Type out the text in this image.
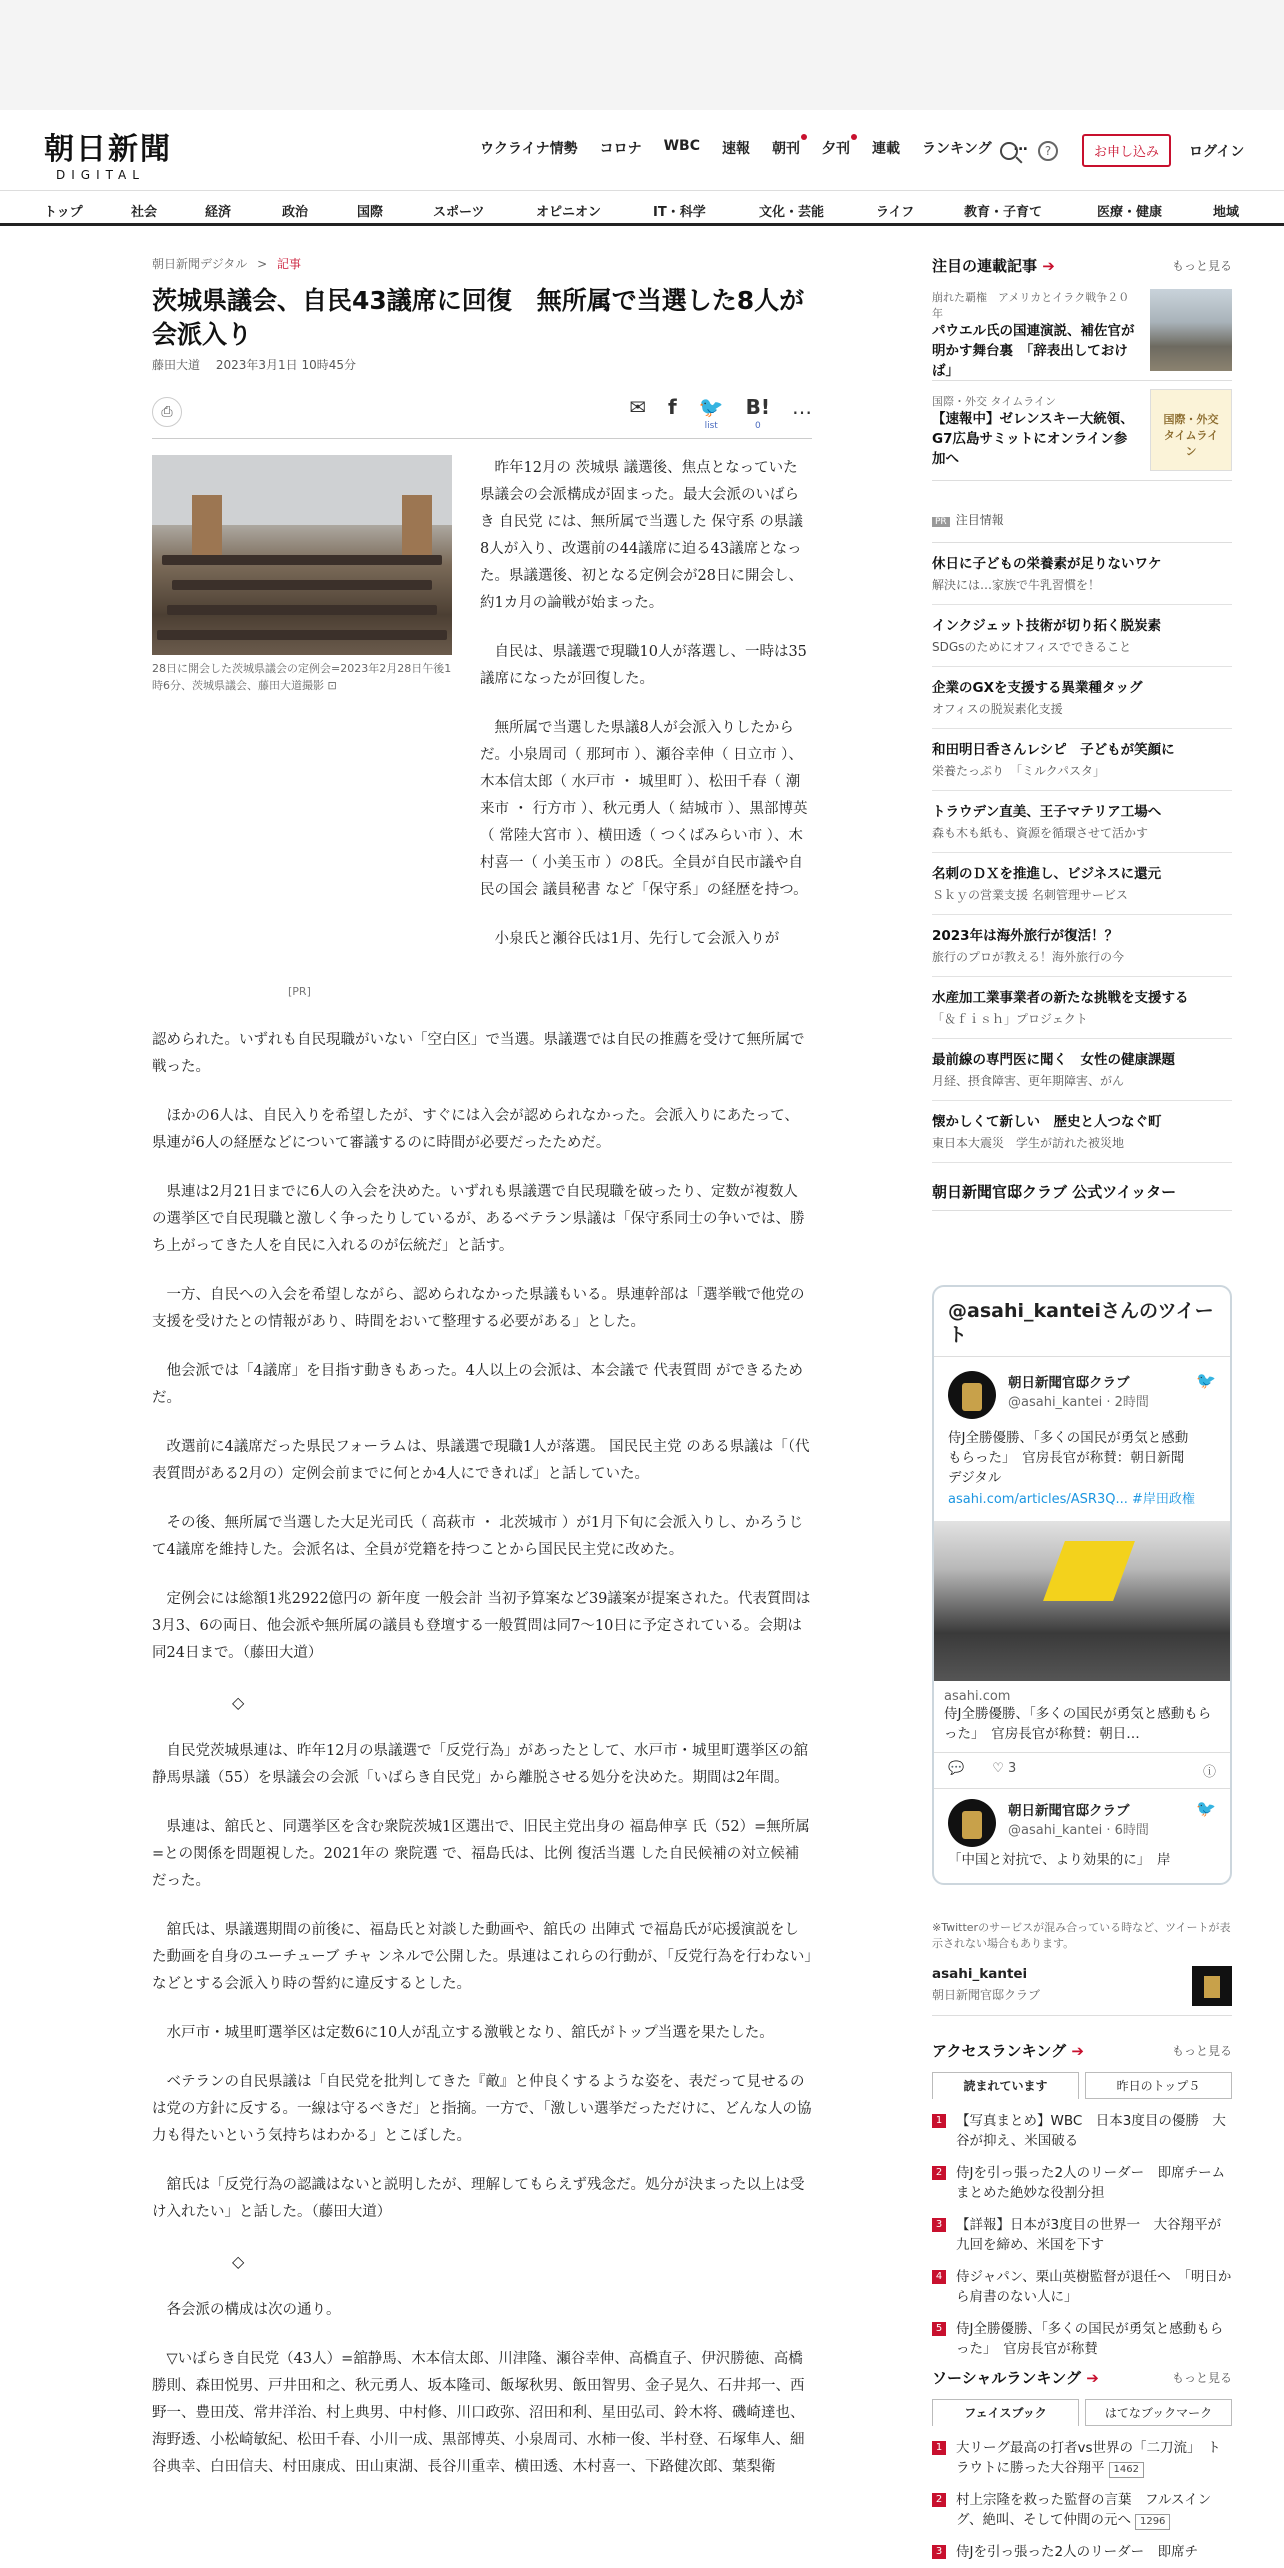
朝日新聞
DIGITAL
ウクライナ情勢 コロナ WBC 速報 朝刊 夕刊 連載 ランキング …	?	お申し込み	ログイン
トップ	社会	経済	政治	国際	スポーツ	オピニオン	IT・科学	文化・芸能	ライフ	教育・子育て	医療・健康	地域
朝日新聞デジタル > 記事
茨城県議会、自民43議席に回復　無所属で当選した8人が会派入り
藤田大道 2023年3月1日 10時45分
⎙	✉ f 🐦
list
B!
0
…
28日に開会した茨城県議会の定例会=2023年2月28日午後1時6分、茨城県議会、藤田大道撮影 ⊡
[PR]

昨年12月の 茨城県 議選後、焦点となっていた県議会の会派構成が固まった。最大会派のいばらき 自民党 には、無所属で当選した 保守系 の県議8人が入り、改選前の44議席に迫る43議席となった。県議選後、初となる定例会が28日に開会し、約1カ月の論戦が始まった。

自民は、県議選で現職10人が落選し、一時は35議席になったが回復した。

無所属で当選した県議8人が会派入りしたからだ。小泉周司（ 那珂市 ）、瀬谷幸伸（ 日立市 ）、木本信太郎（ 水戸市 ・ 城里町 ）、松田千春（ 潮来市 ・ 行方市 ）、秋元勇人（ 結城市 ）、黒部博英（ 常陸大宮市 ）、横田透（ つくばみらい市 ）、木村喜一（ 小美玉市 ）の8氏。全員が自民市議や自民の国会 議員秘書 など「保守系」の経歴を持つ。

小泉氏と瀬谷氏は1月、先行して会派入りが

認められた。いずれも自民現職がいない「空白区」で当選。県議選では自民の推薦を受けて無所属で戦った。

ほかの6人は、自民入りを希望したが、すぐには入会が認められなかった。会派入りにあたって、県連が6人の経歴などについて審議するのに時間が必要だったためだ。

県連は2月21日までに6人の入会を決めた。いずれも県議選で自民現職を破ったり、定数が複数人の選挙区で自民現職と激しく争ったりしているが、あるベテラン県議は「保守系同士の争いでは、勝ち上がってきた人を自民に入れるのが伝統だ」と話す。

一方、自民への入会を希望しながら、認められなかった県議もいる。県連幹部は「選挙戦で他党の支援を受けたとの情報があり、時間をおいて整理する必要がある」とした。

他会派では「4議席」を目指す動きもあった。4人以上の会派は、本会議で 代表質問 ができるためだ。

改選前に4議席だった県民フォーラムは、県議選で現職1人が落選。 国民民主党 のある県議は「（代表質問がある2月の）定例会前までに何とか4人にできれば」と話していた。

その後、無所属で当選した大足光司氏（ 高萩市 ・ 北茨城市 ）が1月下旬に会派入りし、かろうじて4議席を維持した。会派名は、全員が党籍を持つことから国民民主党に改めた。

定例会には総額1兆2922億円の 新年度 一般会計 当初予算案など39議案が提案された。代表質問は3月3、6の両日、他会派や無所属の議員も登壇する一般質問は同7～10日に予定されている。会期は同24日まで。（藤田大道）

◇

自民党茨城県連は、昨年12月の県議選で「反党行為」があったとして、水戸市・城里町選挙区の舘静馬県議（55）を県議会の会派「いばらき自民党」から離脱させる処分を決めた。期間は2年間。

県連は、舘氏と、同選挙区を含む衆院茨城1区選出で、旧民主党出身の 福島伸享 氏（52）=無所属=との関係を問題視した。2021年の 衆院選 で、福島氏は、比例 復活当選 した自民候補の対立候補だった。

舘氏は、県議選期間の前後に、福島氏と対談した動画や、舘氏の 出陣式 で福島氏が応援演説をした動画を自身のユーチューブ チャ ンネルで公開した。県連はこれらの行動が、「反党行為を行わない」などとする会派入り時の誓約に違反するとした。

水戸市・城里町選挙区は定数6に10人が乱立する激戦となり、舘氏がトップ当選を果たした。

ベテランの自民県議は「自民党を批判してきた『敵』と仲良くするような姿を、表だって見せるのは党の方針に反する。一線は守るべきだ」と指摘。一方で、「激しい選挙だっただけに、どんな人の協力も得たいという気持ちはわかる」とこぼした。

舘氏は「反党行為の認識はないと説明したが、理解してもらえず残念だ。処分が決まった以上は受け入れたい」と話した。（藤田大道）

◇

各会派の構成は次の通り。

▽いばらき自民党（43人）=舘静馬、木本信太郎、川津隆、瀬谷幸伸、高橋直子、伊沢勝徳、高橋勝則、森田悦男、戸井田和之、秋元勇人、坂本隆司、飯塚秋男、飯田智男、金子晃久、石井邦一、西野一、豊田茂、常井洋治、村上典男、中村修、川口政弥、沼田和利、星田弘司、鈴木将、磯崎達也、海野透、小松崎敏紀、松田千春、小川一成、黒部博英、小泉周司、水柿一俊、半村登、石塚隼人、細谷典幸、白田信夫、村田康成、田山東湖、長谷川重幸、横田透、木村喜一、下路健次郎、葉梨衛

注目の連載記事 ➔	もっと見る
崩れた覇権　アメリカとイラク戦争２０年
パウエル氏の国連演説、補佐官が明かす舞台裏　「辞表出しておけば」
国際・外交 タイムライン
【速報中】ゼレンスキー大統領、G7広島サミットにオンライン参加へ
国際・外交 タイムライン
PR 注目情報
休日に子どもの栄養素が足りないワケ
解決には…家族で牛乳習慣を！
インクジェット技術が切り拓く脱炭素
SDGsのためにオフィスでできること
企業のGXを支援する異業種タッグ
オフィスの脱炭素化支援
和田明日香さんレシピ　子どもが笑顔に
栄養たっぷり　「ミルクパスタ」
トラウデン直美、王子マテリア工場へ
森も木も紙も、資源を循環させて活かす
名刺のＤＸを推進し、ビジネスに還元
Ｓｋｙの営業支援 名刺管理サービス
2023年は海外旅行が復活！？
旅行のプロが教える！海外旅行の今
水産加工業事業者の新たな挑戦を支援する
「＆ｆｉｓｈ」プロジェクト
最前線の専門医に聞く　女性の健康課題
月経、摂食障害、更年期障害、がん
懐かしくて新しい　歴史と人つなぐ町
東日本大震災　学生が訪れた被災地
朝日新聞官邸クラブ 公式ツイッター
@asahi_kanteiさんのツイート
朝日新聞官邸クラブ
@asahi_kantei · 2時間
🐦
侍J全勝優勝、「多くの国民が勇気と感動もらった」　官房長官が称賛：朝日新聞デジタル
asahi.com/articles/ASR3Q... #岸田政権
asahi.com
侍J全勝優勝、「多くの国民が勇気と感動もらった」　官房長官が称賛：朝日…
💬 ♡ 3	ⓘ
朝日新聞官邸クラブ
@asahi_kantei · 6時間
🐦
「中国と対抗で、より効果的に」　岸
※Twitterのサービスが混み合っている時など、ツイートが表示されない場合もあります。
asahi_kantei
朝日新聞官邸クラブ
アクセスランキング ➔	もっと見る
読まれています	昨日のトップ５
1 【写真まとめ】WBC　日本3度目の優勝　大谷が抑え、米国破る
2 侍Jを引っ張った2人のリーダー　即席チームまとめた絶妙な役割分担
3 【詳報】日本が3度目の世界一　大谷翔平が九回を締め、米国を下す
4 侍ジャパン、栗山英樹監督が退任へ　「明日から肩書のない人に」
5 侍J全勝優勝、「多くの国民が勇気と感動もらった」　官房長官が称賛
ソーシャルランキング ➔	もっと見る
フェイスブック	はてなブックマーク
1 大リーグ最高の打者vs世界の「二刀流」　トラウトに勝った大谷翔平 1462
2 村上宗隆を救った監督の言葉　フルスイング、絶叫、そして仲間の元へ 1296
3 侍Jを引っ張った2人のリーダー　即席チ
